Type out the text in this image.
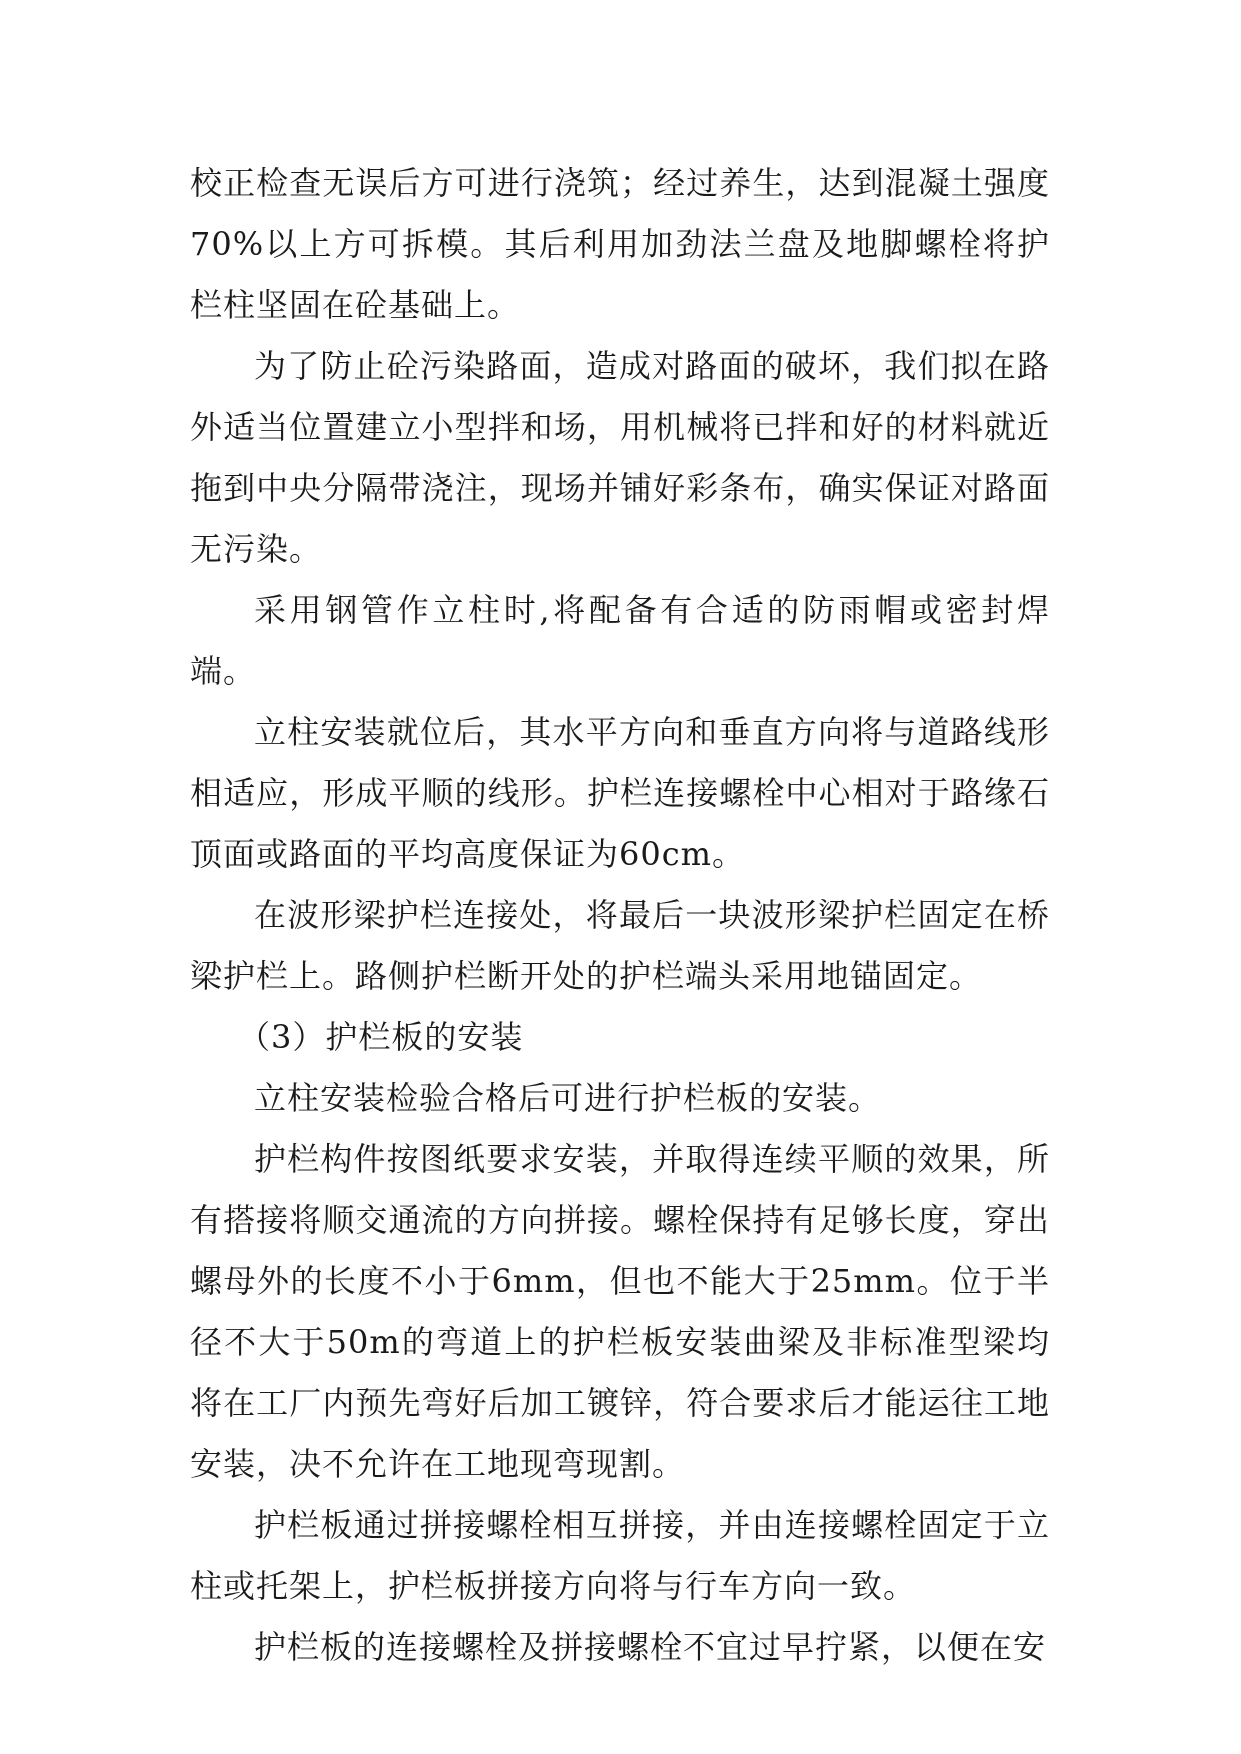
校正检查无误后方可进行浇筑；经过养生，达到混凝土强度70%以上方可拆模。其后利用加劲法兰盘及地脚螺栓将护栏柱坚固在砼基础上。

为了防止砼污染路面，造成对路面的破坏，我们拟在路外适当位置建立小型拌和场，用机械将已拌和好的材料就近拖到中央分隔带浇注，现场并铺好彩条布，确实保证对路面无污染。

采用钢管作立柱时,将配备有合适的防雨帽或密封焊端。

立柱安装就位后，其水平方向和垂直方向将与道路线形相适应，形成平顺的线形。护栏连接螺栓中心相对于路缘石顶面或路面的平均高度保证为60cm。

在波形梁护栏连接处，将最后一块波形梁护栏固定在桥梁护栏上。路侧护栏断开处的护栏端头采用地锚固定。

（3）护栏板的安装

立柱安装检验合格后可进行护栏板的安装。

护栏构件按图纸要求安装，并取得连续平顺的效果，所有搭接将顺交通流的方向拼接。螺栓保持有足够长度，穿出螺母外的长度不小于6mm，但也不能大于25mm。位于半径不大于50m的弯道上的护栏板安装曲梁及非标准型梁均将在工厂内预先弯好后加工镀锌，符合要求后才能运往工地安装，决不允许在工地现弯现割。

护栏板通过拼接螺栓相互拼接，并由连接螺栓固定于立柱或托架上，护栏板拼接方向将与行车方向一致。

护栏板的连接螺栓及拼接螺栓不宜过早拧紧，以便在安
